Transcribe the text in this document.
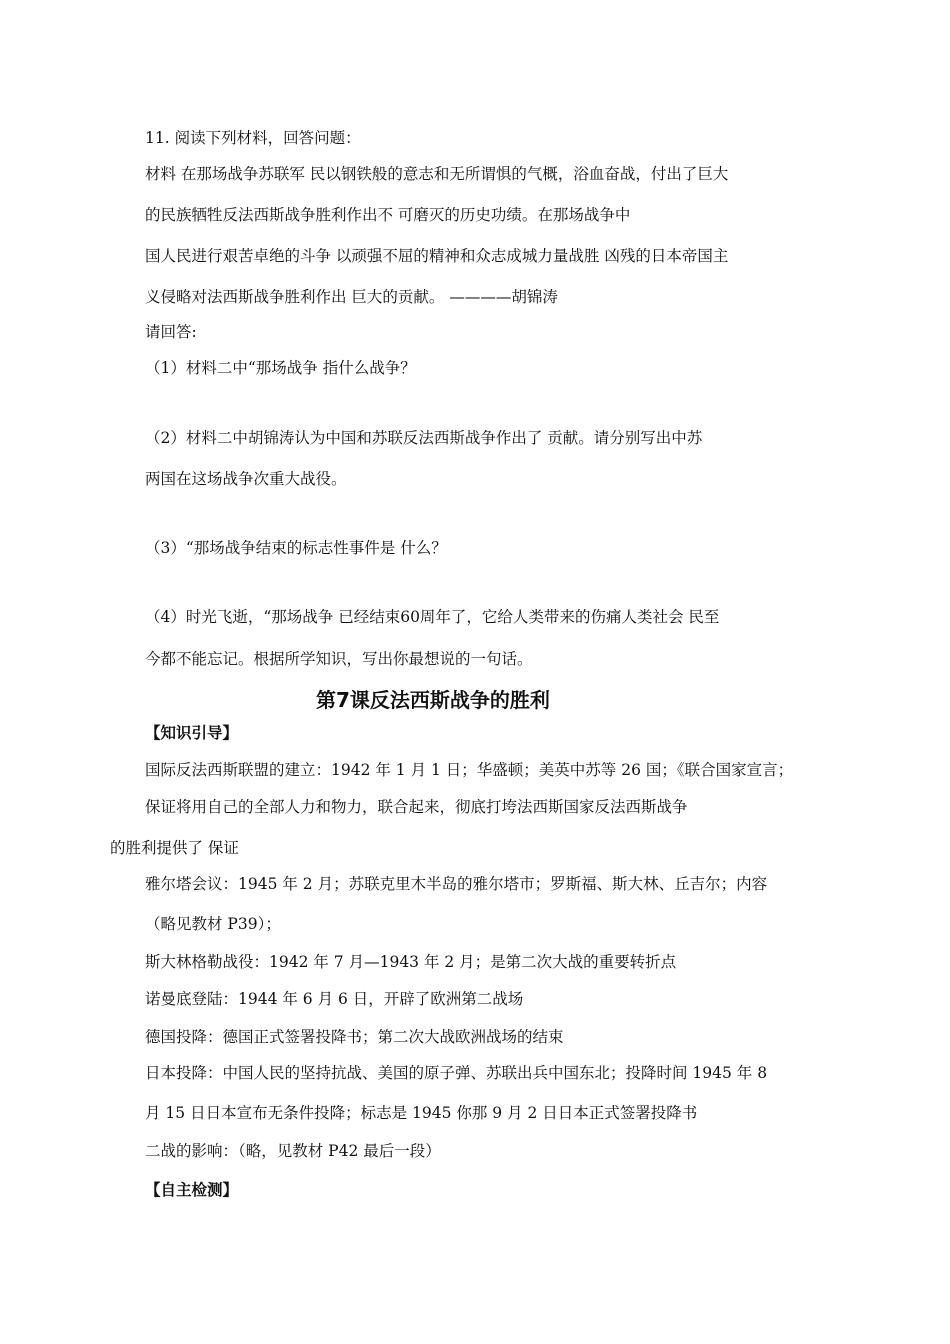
11. 阅读下列材料，回答问题：
材料 在那场战争苏联军 民以钢铁般的意志和无所谓惧的气概，浴血奋战，付出了巨大
的民族牺牲反法西斯战争胜利作出不 可磨灭的历史功绩。在那场战争中
国人民进行艰苦卓绝的斗争 以顽强不屈的精神和众志成城力量战胜 凶残的日本帝国主
义侵略对法西斯战争胜利作出 巨大的贡献。 ————胡锦涛
请回答:
（1）材料二中“那场战争 指什么战争？
（2）材料二中胡锦涛认为中国和苏联反法西斯战争作出了 贡献。请分别写出中苏
两国在这场战争次重大战役。
（3）“那场战争结束的标志性事件是 什么？
（4）时光飞逝，“那场战争 已经结束60周年了，它给人类带来的伤痛人类社会 民至
今都不能忘记。根据所学知识，写出你最想说的一句话。
第7课反法西斯战争的胜利
【知识引导】
国际反法西斯联盟的建立：1942 年 1 月 1 日；华盛顿；美英中苏等 26 国；《联合国家宣言；
保证将用自己的全部人力和物力，联合起来，彻底打垮法西斯国家反法西斯战争
的胜利提供了 保证
雅尔塔会议：1945 年 2 月；苏联克里木半岛的雅尔塔市；罗斯福、斯大林、丘吉尔；内容
（略见教材 P39）；
斯大林格勒战役：1942 年 7 月—1943 年 2 月；是第二次大战的重要转折点
诺曼底登陆：1944 年 6 月 6 日，开辟了欧洲第二战场
德国投降：德国正式签署投降书；第二次大战欧洲战场的结束
日本投降：中国人民的坚持抗战、美国的原子弹、苏联出兵中国东北；投降时间 1945 年 8
月 15 日日本宣布无条件投降；标志是 1945 你那 9 月 2 日日本正式签署投降书
二战的影响：（略，见教材 P42 最后一段）
【自主检测】
